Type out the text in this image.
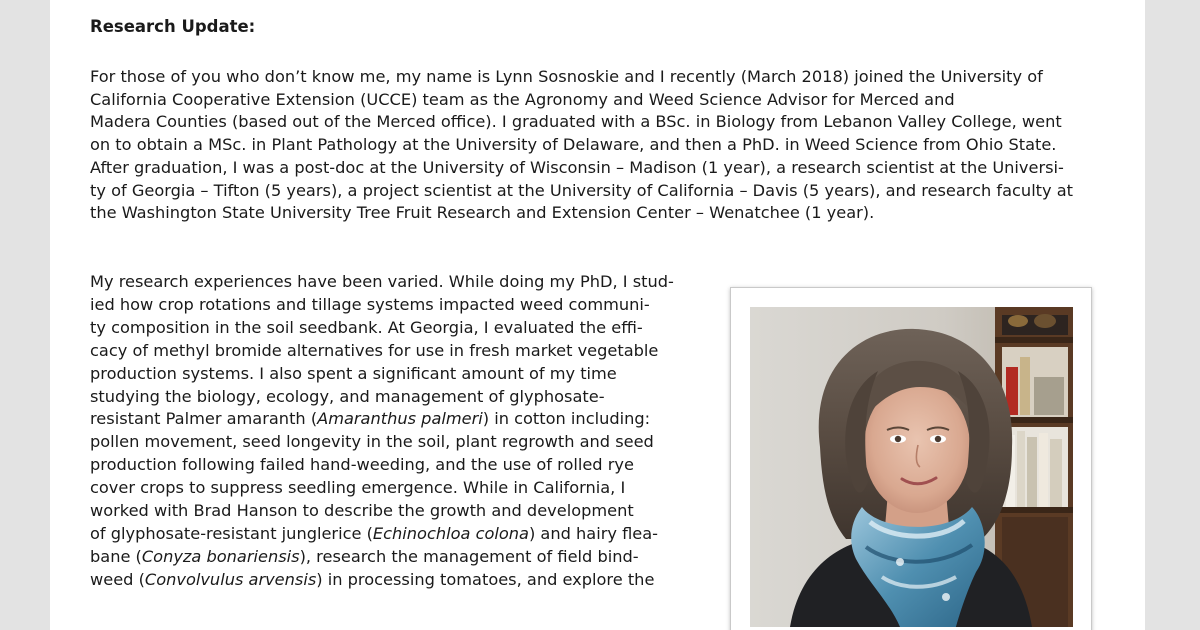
Research Update:

For those of you who don’t know me, my name is Lynn Sosnoskie and I recently (March 2018) joined the University of
California Cooperative Extension (UCCE) team as the Agronomy and Weed Science Advisor for Merced and
Madera Counties (based out of the Merced office). I graduated with a BSc. in Biology from Lebanon Valley College, went
on to obtain a MSc. in Plant Pathology at the University of Delaware, and then a PhD. in Weed Science from Ohio State.
After graduation, I was a post-doc at the University of Wisconsin – Madison (1 year), a research scientist at the Universi-
ty of Georgia – Tifton (5 years), a project scientist at the University of California – Davis (5 years), and research faculty at
the Washington State University Tree Fruit Research and Extension Center – Wenatchee (1 year).
My research experiences have been varied. While doing my PhD, I stud-
ied how crop rotations and tillage systems impacted weed communi-
ty composition in the soil seedbank. At Georgia, I evaluated the effi-
cacy of methyl bromide alternatives for use in fresh market vegetable
production systems. I also spent a significant amount of my time
studying the biology, ecology, and management of glyphosate-
resistant Palmer amaranth (Amaranthus palmeri) in cotton including:
pollen movement, seed longevity in the soil, plant regrowth and seed
production following failed hand-weeding, and the use of rolled rye
cover crops to suppress seedling emergence. While in California, I
worked with Brad Hanson to describe the growth and development
of glyphosate-resistant junglerice (Echinochloa colona) and hairy flea-
bane (Conyza bonariensis), research the management of field bind-
weed (Convolvulus arvensis) in processing tomatoes, and explore the
